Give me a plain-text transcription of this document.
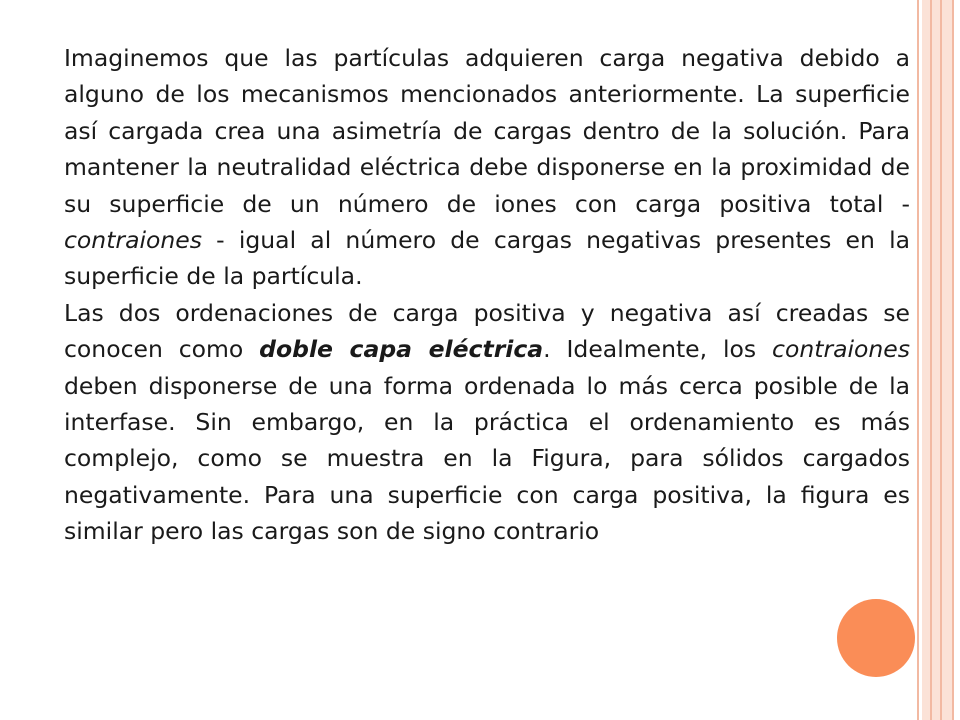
Imaginemos que las partículas adquieren carga negativa debido a alguno de los mecanismos mencionados anteriormente. La superficie así cargada crea una asimetría de cargas dentro de la solución. Para mantener la neutralidad eléctrica debe disponerse en la proximidad de su superficie de un número de iones con carga positiva total - contraiones - igual al número de cargas negativas presentes en la superficie de la partícula.

Las dos ordenaciones de carga positiva y negativa así creadas se conocen como doble capa eléctrica. Idealmente, los contraiones deben disponerse de una forma ordenada lo más cerca posible de la interfase. Sin embargo, en la práctica el ordenamiento es más complejo, como se muestra en la Figura, para sólidos cargados negativamente. Para una superficie con carga positiva, la figura es similar pero las cargas son de signo contrario
